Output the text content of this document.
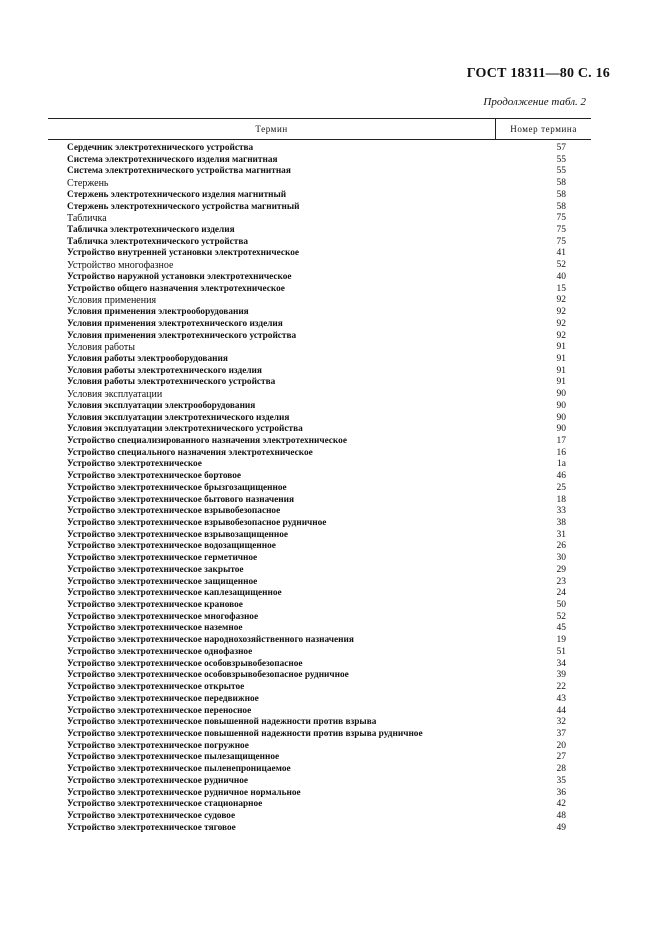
ГОСТ 18311—80 С. 16
Продолжение табл. 2
Термин	Номер термина
Сердечник электротехнического устройства	57
Система электротехнического изделия магнитная	55
Система электротехнического устройства магнитная	55
Стержень	58
Стержень электротехнического изделия магнитный	58
Стержень электротехнического устройства магнитный	58
Табличка	75
Табличка электротехнического изделия	75
Табличка электротехнического устройства	75
Устройство внутренней установки электротехническое	41
Устройство многофазное	52
Устройство наружной установки электротехническое	40
Устройство общего назначения электротехническое	15
Условия применения	92
Условия применения электрооборудования	92
Условия применения электротехнического изделия	92
Условия применения электротехнического устройства	92
Условия работы	91
Условия работы электрооборудования	91
Условия работы электротехнического изделия	91
Условия работы электротехнического устройства	91
Условия эксплуатации	90
Условия эксплуатации электрооборудования	90
Условия эксплуатации электротехнического изделия	90
Условия эксплуатации электротехнического устройства	90
Устройство специализированного назначения электротехническое	17
Устройство специального назначения электротехническое	16
Устройство электротехническое	1а
Устройство электротехническое бортовое	46
Устройство электротехническое брызгозащищенное	25
Устройство электротехническое бытового назначения	18
Устройство электротехническое взрывобезопасное	33
Устройство электротехническое взрывобезопасное рудничное	38
Устройство электротехническое взрывозащищенное	31
Устройство электротехническое водозащищенное	26
Устройство электротехническое герметичное	30
Устройство электротехническое закрытое	29
Устройство электротехническое защищенное	23
Устройство электротехническое каплезащищенное	24
Устройство электротехническое крановое	50
Устройство электротехническое многофазное	52
Устройство электротехническое наземное	45
Устройство электротехническое народнохозяйственного назначения	19
Устройство электротехническое однофазное	51
Устройство электротехническое особовзрывобезопасное	34
Устройство электротехническое особовзрывобезопасное рудничное	39
Устройство электротехническое открытое	22
Устройство электротехническое передвижное	43
Устройство электротехническое переносное	44
Устройство электротехническое повышенной надежности против взрыва	32
Устройство электротехническое повышенной надежности против взрыва рудничное	37
Устройство электротехническое погружное	20
Устройство электротехническое пылезащищенное	27
Устройство электротехническое пыленепроницаемое	28
Устройство электротехническое рудничное	35
Устройство электротехническое рудничное нормальное	36
Устройство электротехническое стационарное	42
Устройство электротехническое судовое	48
Устройство электротехническое тяговое	49
